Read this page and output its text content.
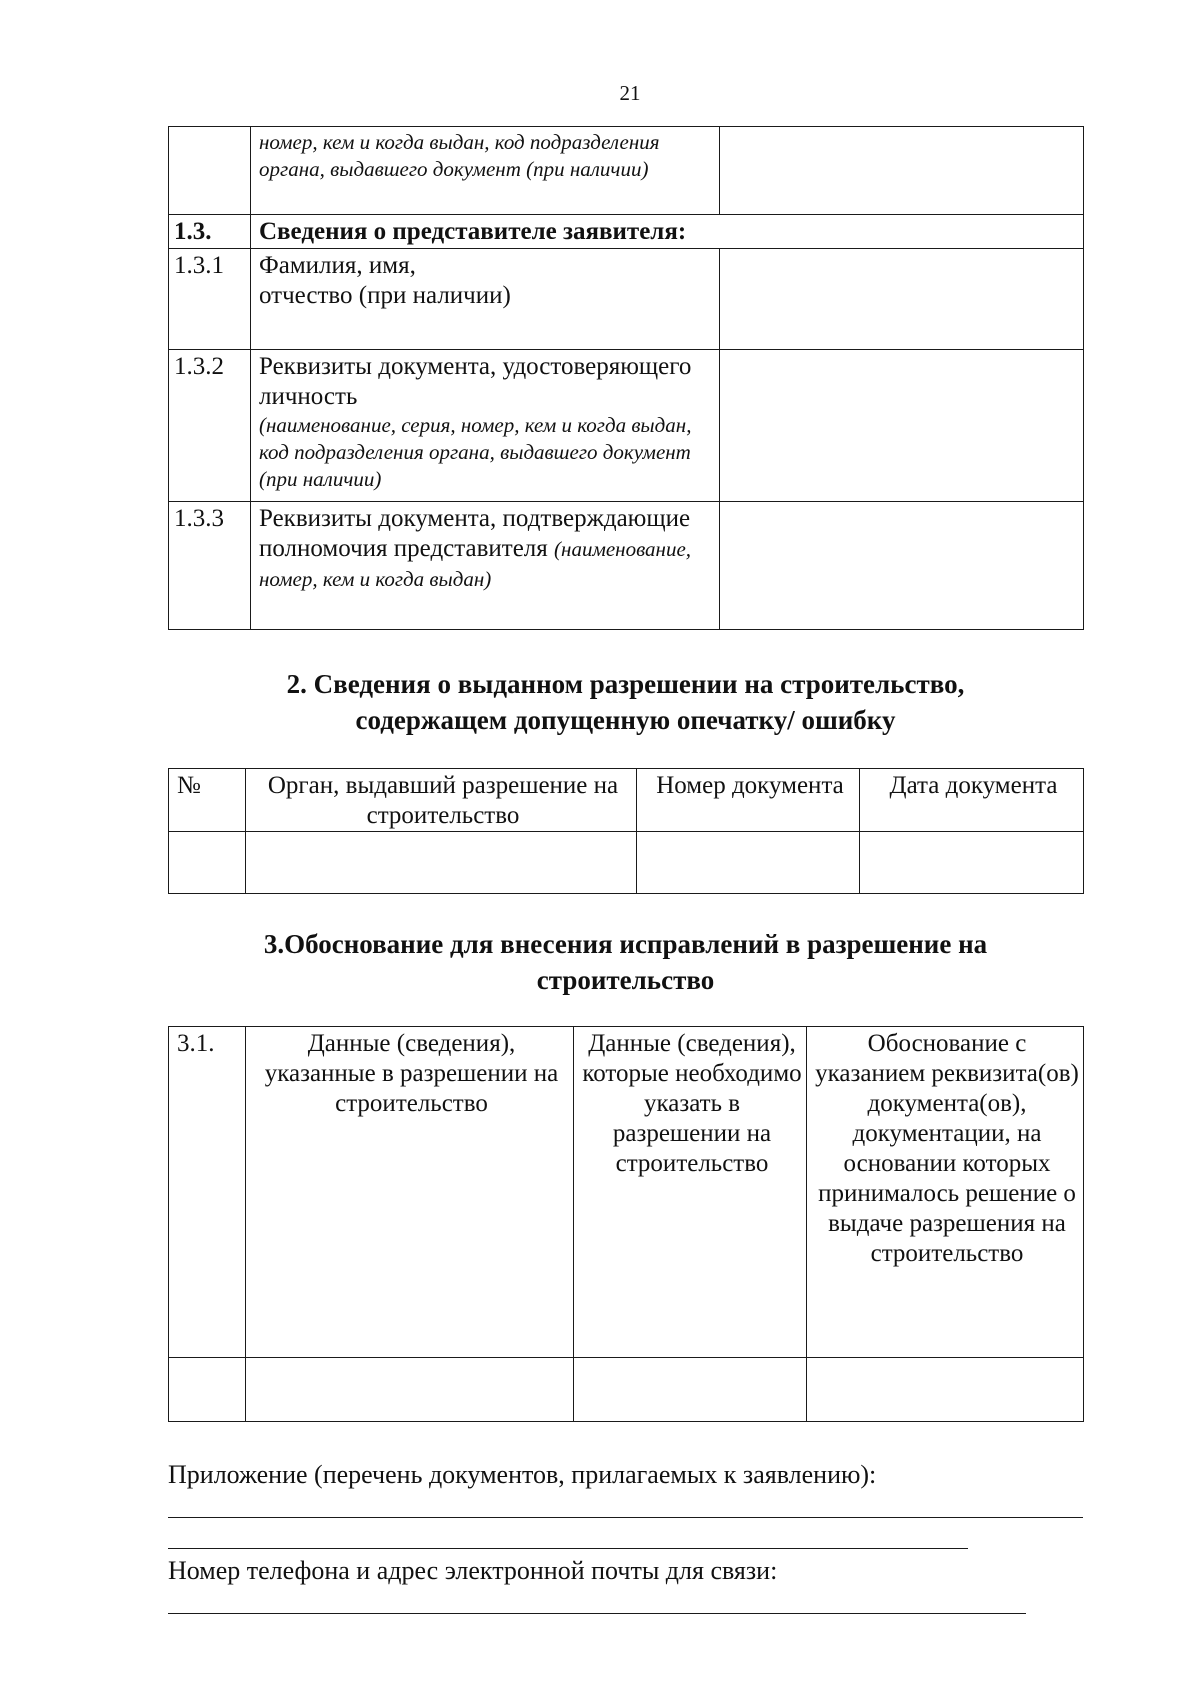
21

	номер, кем и когда выдан, код подразделения органа, выдавшего документ (при наличии)	

1.3.	Сведения о представителе заявителя:	
1.3.1	Фамилия, имя,
отчество (при наличии)	

1.3.2	Реквизиты документа, удостоверяющего личность
(наименование, серия, номер, кем и когда выдан, код подразделения органа, выдавшего документ (при наличии)	

1.3.3	Реквизиты документа, подтверждающие полномочия представителя (наименование, номер, кем и когда выдан)	
2. Сведения о выданном разрешении на строительство,
содержащем допущенную опечатку/ ошибку
№	Орган, выдавший разрешение на строительство	Номер документа	Дата документа

3.Обоснование для внесения исправлений в разрешение на
строительство
3.1.	Данные (сведения), указанные в разрешении на строительство	Данные (сведения), которые необходимо указать в разрешении на строительство	Обоснование с указанием реквизита(ов) документа(ов), документации, на основании которых принималось решение о выдаче разрешения на строительство

Приложение (перечень документов, прилагаемых к заявлению):
Номер телефона и адрес электронной почты для связи:
